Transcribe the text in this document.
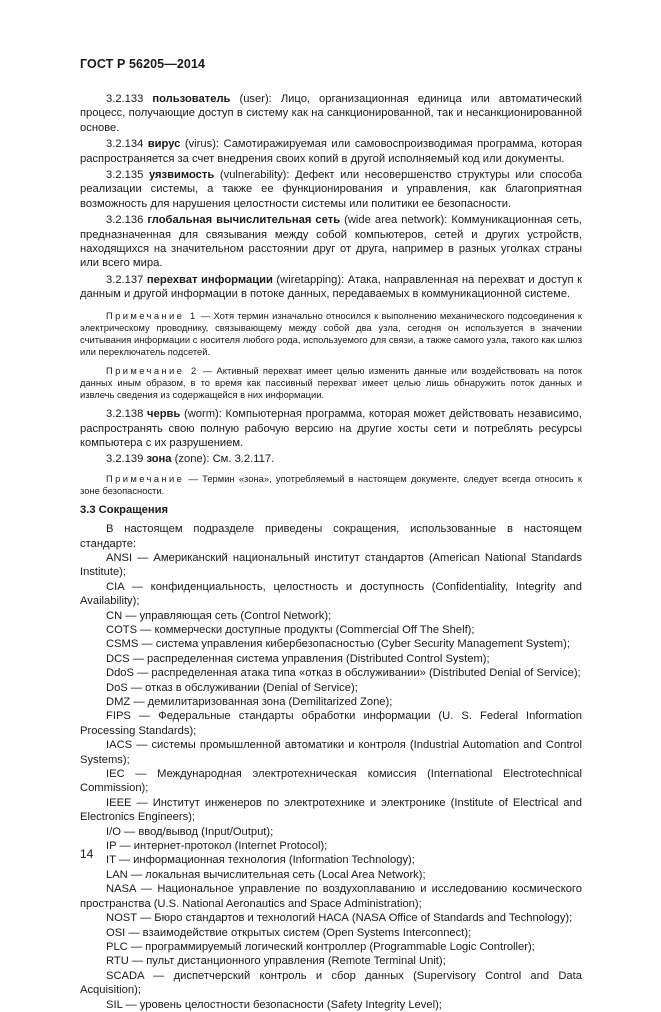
ГОСТ Р 56205—2014

3.2.133 пользователь (user): Лицо, организационная единица или автоматический процесс, получающие доступ в систему как на санкционированной, так и несанкционированной основе.

3.2.134 вирус (virus): Самотиражируемая или самовоспроизводимая программа, которая распространяется за счет внедрения своих копий в другой исполняемый код или документы.

3.2.135 уязвимость (vulnerability): Дефект или несовершенство структуры или способа реализации системы, а также ее функционирования и управления, как благоприятная возможность для нарушения целостности системы или политики ее безопасности.

3.2.136 глобальная вычислительная сеть (wide area network): Коммуникационная сеть, предназначенная для связывания между собой компьютеров, сетей и других устройств, находящихся на значительном расстоянии друг от друга, например в разных уголках страны или всего мира.

3.2.137 перехват информации (wiretapping): Атака, направленная на перехват и доступ к данным и другой информации в потоке данных, передаваемых в коммуникационной системе.

Примечание 1 — Хотя термин изначально относился к выполнению механического подсоединения к электрическому проводнику, связывающему между собой два узла, сегодня он используется в значении считывания информации с носителя любого рода, используемого для связи, а также самого узла, такого как шлюз или переключатель подсетей.

Примечание 2 — Активный перехват имеет целью изменить данные или воздействовать на поток данных иным образом, в то время как пассивный перехват имеет целью лишь обнаружить поток данных и извлечь сведения из содержащейся в них информации.

3.2.138 червь (worm): Компьютерная программа, которая может действовать независимо, распространять свою полную рабочую версию на другие хосты сети и потреблять ресурсы компьютера с их разрушением.

3.2.139 зона (zone): См. 3.2.117.

Примечание — Термин «зона», употребляемый в настоящем документе, следует всегда относить к зоне безопасности.

3.3 Сокращения

В настоящем подразделе приведены сокращения, использованные в настоящем стандарте:

ANSI — Американский национальный институт стандартов (American National Standards Institute);

CIA — конфиденциальность, целостность и доступность (Confidentiality, Integrity and Availability);

CN — управляющая сеть (Control Network);

COTS — коммерчески доступные продукты (Commercial Off The Shelf);

CSMS — система управления кибербезопасностью (Cyber Security Management System);

DCS — распределенная система управления (Distributed Control System);

DdoS — распределенная атака типа «отказ в обслуживании» (Distributed Denial of Service);

DoS — отказ в обслуживании (Denial of Service);

DMZ — демилитаризованная зона (Demilitarized Zone);

FIPS — Федеральные стандарты обработки информации (U. S. Federal Information Processing Standards);

IACS — системы промышленной автоматики и контроля (Industrial Automation and Control Systems);

IEC — Международная электротехническая комиссия (International Electrotechnical Commission);

IEEE — Институт инженеров по электротехнике и электронике (Institute of Electrical and Electronics Engineers);

I/O — ввод/вывод (Input/Output);

IP — интернет-протокол (Internet Protocol);

IT — информационная технология (Information Technology);

LAN — локальная вычислительная сеть (Local Area Network);

NASA — Национальное управление по воздухоплаванию и исследованию космического пространства (U.S. National Aeronautics and Space Administration);

NOST — Бюро стандартов и технологий НАСА (NASA Office of Standards and Technology);

OSI — взаимодействие открытых систем (Open Systems Interconnect);

PLC — программируемый логический контроллер (Programmable Logic Controller);

RTU — пульт дистанционного управления (Remote Terminal Unit);

SCADA — диспетчерский контроль и сбор данных (Supervisory Control and Data Acquisition);

SIL — уровень целостности безопасности (Safety Integrity Level);

14
